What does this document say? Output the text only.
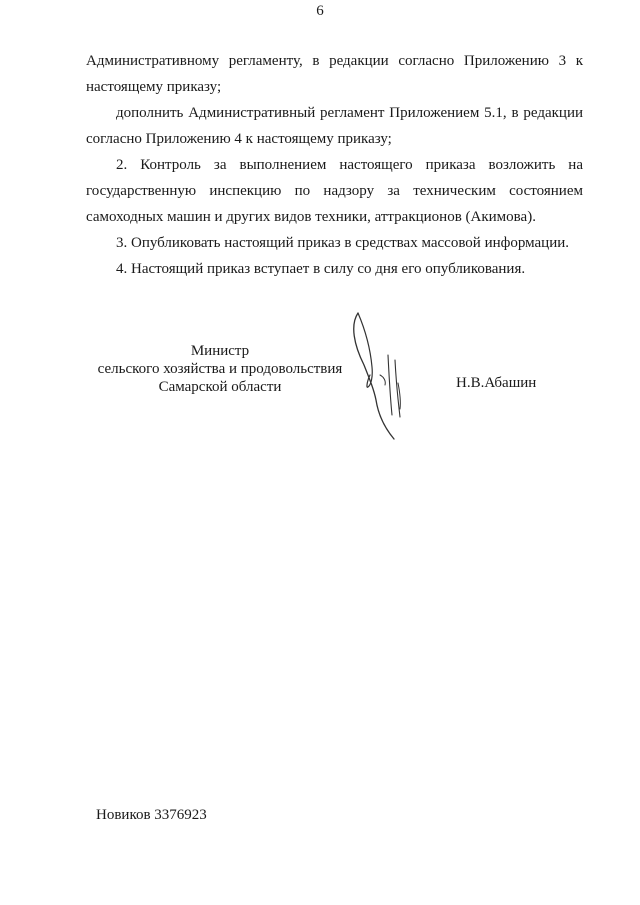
6
Административному регламенту, в редакции согласно Приложению 3 к
настоящему приказу;
дополнить Административный регламент Приложением 5.1, в редакции
согласно Приложению 4 к настоящему приказу;
2. Контроль за выполнением настоящего приказа возложить на
государственную инспекцию по надзору за техническим состоянием
самоходных машин и других видов техники, аттракционов (Акимова).
3. Опубликовать настоящий приказ в средствах массовой информации.
4. Настоящий приказ вступает в силу со дня его опубликования.
Министр
сельского хозяйства и продовольствия
Самарской области	Н.В.Абашин
Новиков 3376923
